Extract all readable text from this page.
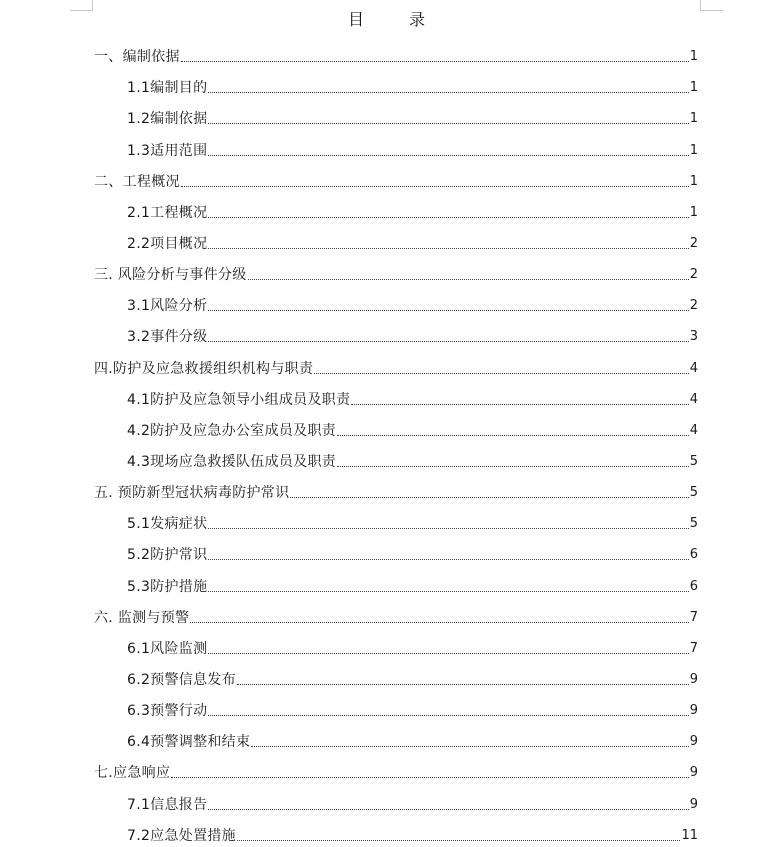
目 录
一、编制依据	1
1.1编制目的	1
1.2编制依据	1
1.3适用范围	1
二、工程概况	1
2.1工程概况	1
2.2项目概况	2
三. 风险分析与事件分级	2
3.1风险分析	2
3.2事件分级	3
四.防护及应急救援组织机构与职责	4
4.1防护及应急领导小组成员及职责	4
4.2防护及应急办公室成员及职责	4
4.3现场应急救援队伍成员及职责	5
五. 预防新型冠状病毒防护常识	5
5.1发病症状	5
5.2防护常识	6
5.3防护措施	6
六. 监测与预警	7
6.1风险监测	7
6.2预警信息发布	9
6.3预警行动	9
6.4预警调整和结束	9
七.应急响应	9
7.1信息报告	9
7.2应急处置措施	11
